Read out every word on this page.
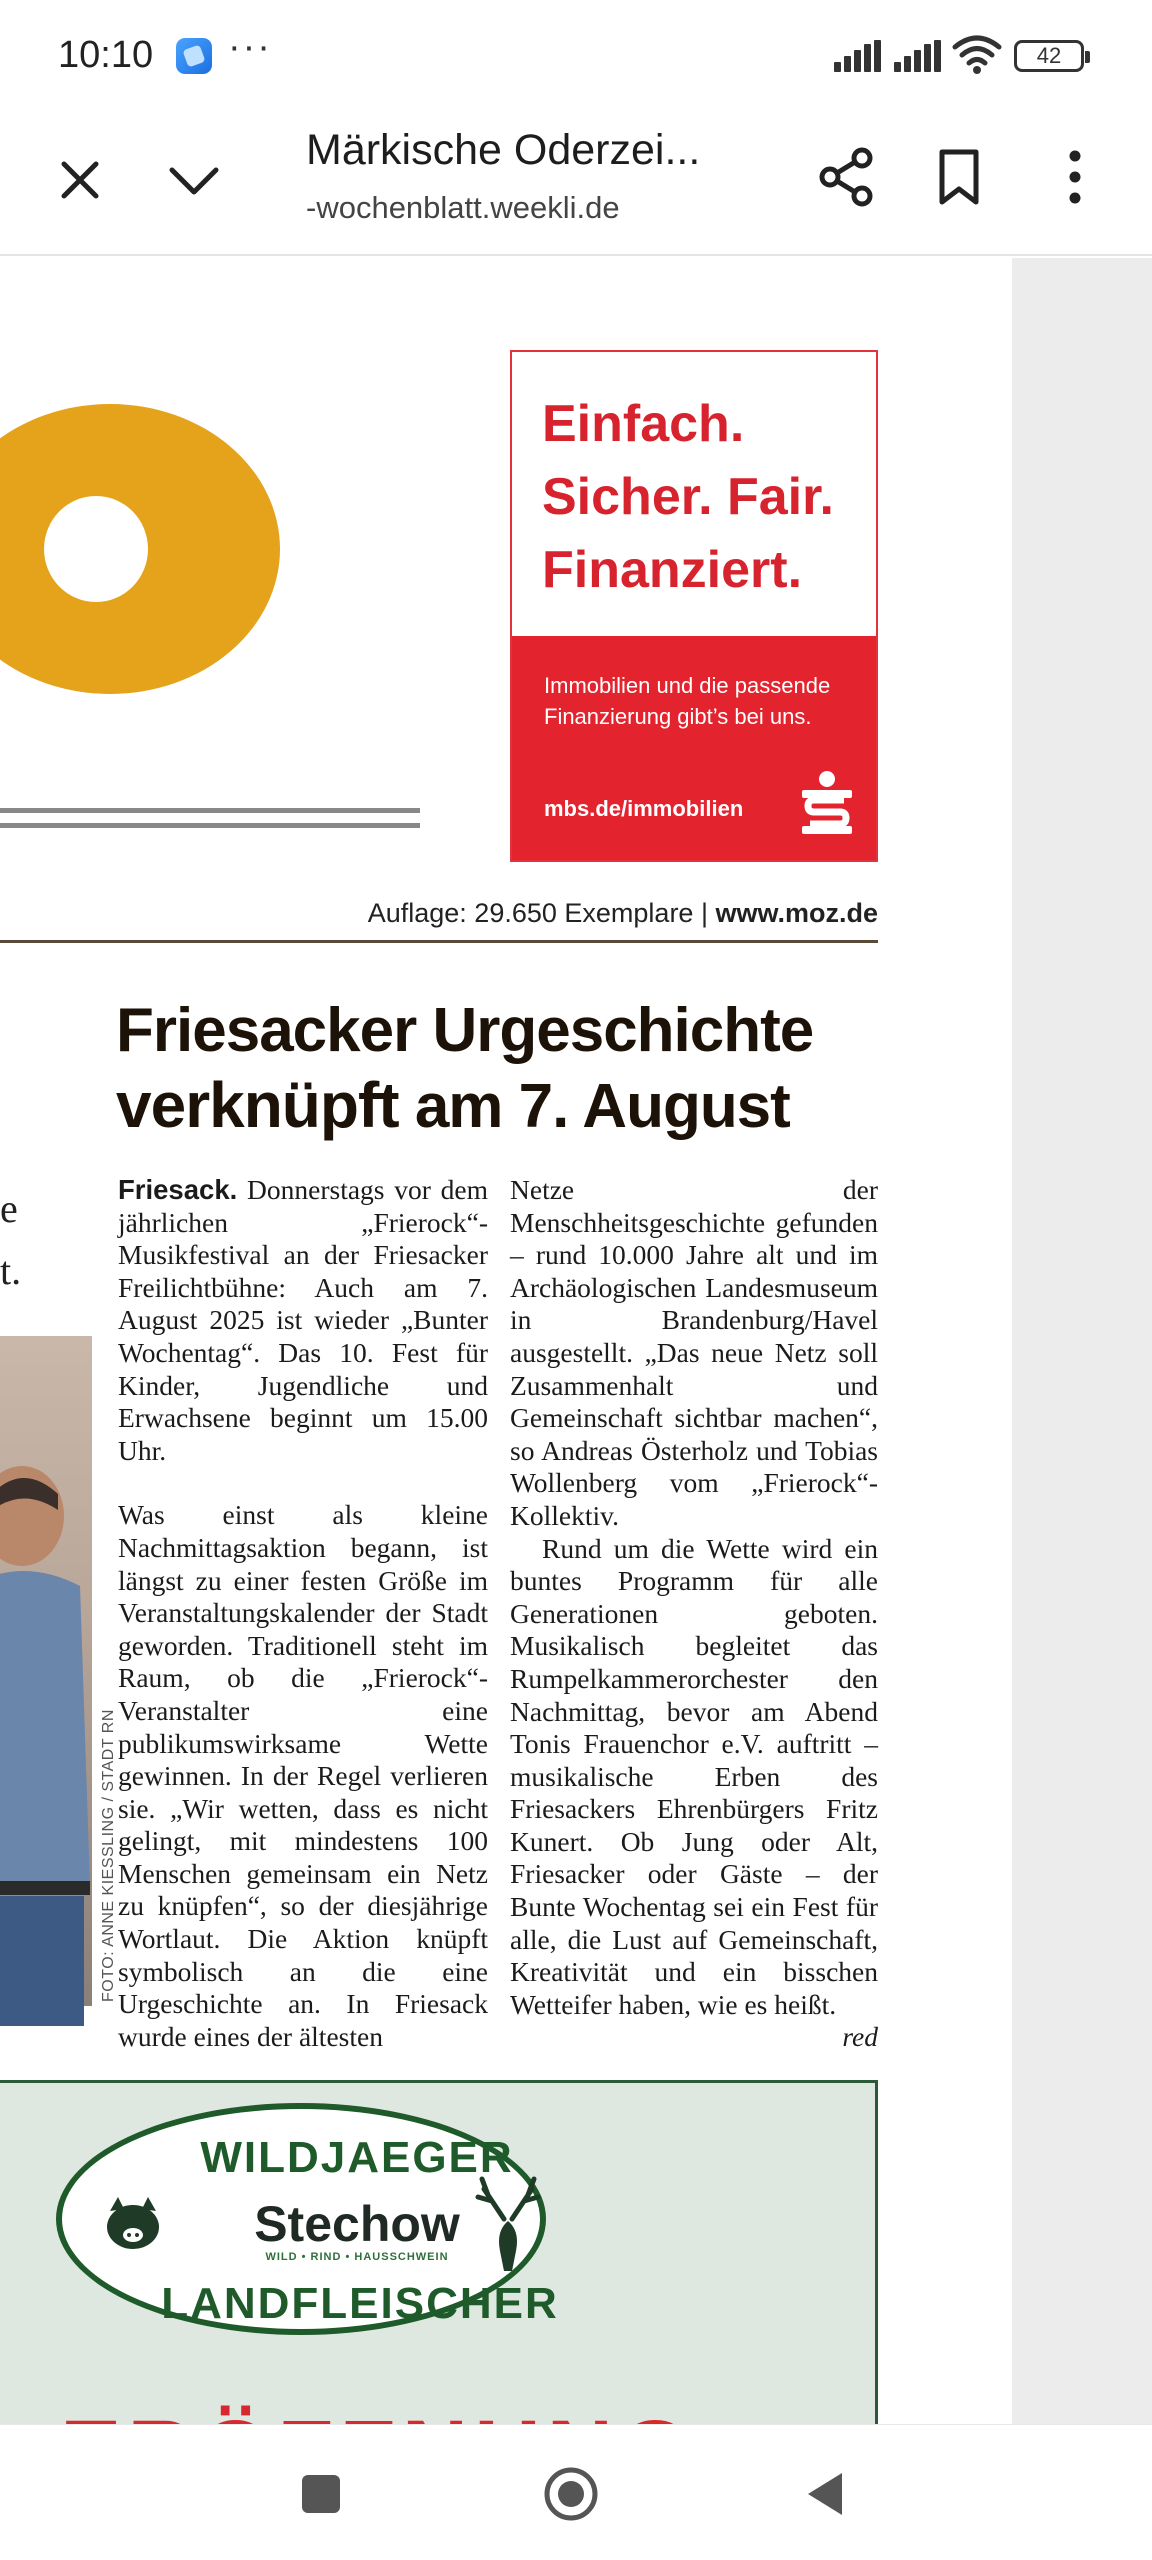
10:10 ···	42
Märkische Oderzei...
-wochenblatt.weekli.de
Einfach.
Sicher. Fair.
Finanziert.
Immobilien und die passende Finanzierung gibt’s bei uns.
mbs.de/immobilien
Auflage: 29.650 Exemplare | www.moz.de
e
t.
Friesacker Urgeschichte
verknüpft am 7. August

Friesack. Donnerstags vor dem jährlichen „Frierock“-Musikfestival an der Friesacker Freilichtbühne: Auch am 7. August 2025 ist wieder „Bunter Wochentag“. Das 10. Fest für Kinder, Jugendliche und Erwachsene beginnt um 15.00 Uhr.

Was einst als kleine Nachmittagsaktion begann, ist längst zu einer festen Größe im Veranstaltungskalender der Stadt geworden. Traditionell steht im Raum, ob die „Frierock“-Veranstalter eine publikumswirksame Wette gewinnen. In der Regel verlieren sie. „Wir wetten, dass es nicht gelingt, mit mindestens 100 Menschen gemeinsam ein Netz zu knüpfen“, so der diesjährige Wortlaut. Die Aktion knüpft symbolisch an die eine Urgeschichte an. In Friesack wurde eines der ältesten

Netze der Menschheitsgeschichte gefunden – rund 10.000 Jahre alt und im Archäologischen Landesmuseum in Brandenburg/Havel ausgestellt. „Das neue Netz soll Zusammenhalt und Gemeinschaft sichtbar machen“, so Andreas Österholz und Tobias Wollenberg vom „Frierock“-Kollektiv.

Rund um die Wette wird ein buntes Programm für alle Generationen geboten. Musikalisch begleitet das Rumpelkammerorchester den Nachmittag, bevor am Abend Tonis Frauenchor e.V. auftritt – musikalische Erben des Friesackers Ehrenbürgers Fritz Kunert. Ob Jung oder Alt, Friesacker oder Gäste – der Bunte Wochentag sei ein Fest für alle, die Lust auf Gemeinschaft, Kreativität und ein bisschen Wetteifer haben, wie es heißt.
red

FOTO: ANNE KIESSLING / STADT RN
WILDJAEGER
Stechow
WILD • RIND • HAUSSCHWEIN
LANDFLEISCHER
